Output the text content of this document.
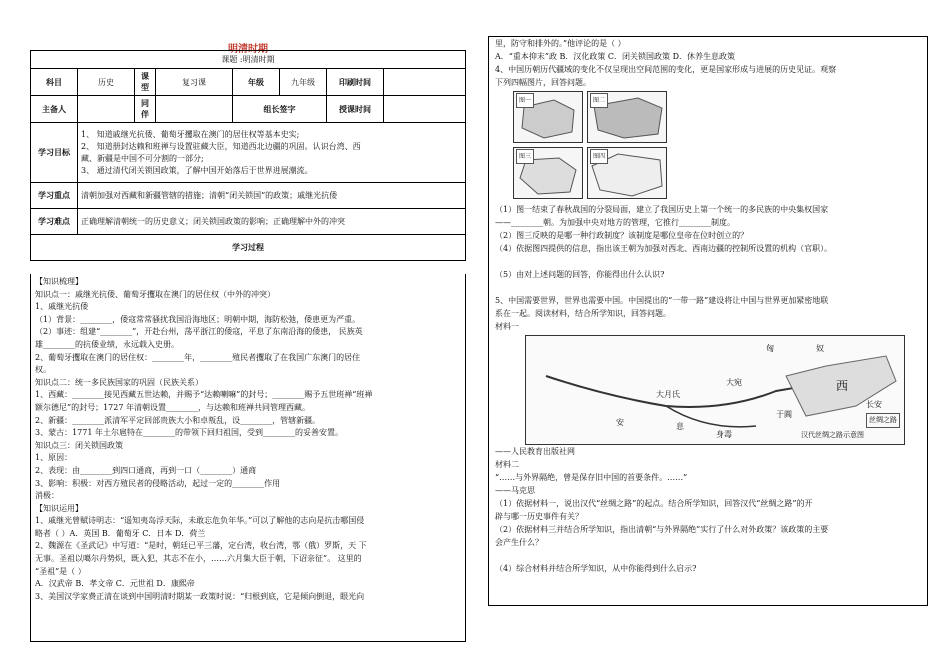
明清时期
课题 :明清时期							
科目	历史	课型	复习课	年级	九年级	印刷时间	
主备人		同伴		组长签字		授课时间	
学习目标	1、 知道戚继光抗倭、葡萄牙攫取在澳门的居住权等基本史实;
2、 知道册封达赖和班禅与设置驻藏大臣，知道西北边疆的巩固。认识台湾、西
藏、新疆是中国不可分割的一部分;
3、 通过清代闭关锁国政策，了解中国开始落后于世界进展潮流。						

学习重点	清朝加强对西藏和新疆管辖的措施；清朝“闭关锁国”的政策；戚继光抗倭						
学习难点	正确理解清朝统一的历史意义；闭关锁国政策的影响；正确理解中外的冲突						
学习过程							
【知识梳理】
知识点一：戚继光抗倭、葡萄牙攫取在澳门的居住权（中外的冲突）
1、戚继光抗倭
（1）背景：________，倭寇常常骚扰我国沿海地区；明朝中期，海防松弛，倭患更为严重。
（2）事迹：组建“________”，开赴台州，荡平浙江的倭寇，平息了东南沿海的倭患， 民族英
雄________的抗倭业绩，永远载入史册。
2、葡萄牙攫取在澳门的居住权：________年，________殖民者攫取了在我国广东澳门的居住
权。
知识点二：统一多民族国家的巩固（民族关系）
1、西藏：________接见西藏五世达赖，并赐予“达赖喇嘛”的封号；________赐予五世班禅“班禅
额尔德尼”的封号；1727 年清朝设置________，与达赖和班禅共同管理西藏。
2、新疆：________派清军平定回部贵族大小和卓叛乱，设________，管辖新疆。
3、蒙古：1771 年土尔扈特在________的带领下回归祖国，受到________的妥善安置。
知识点三：闭关锁国政策
1、原因：
2、表现：由________到四口通商，再到一口（________）通商
3、影响：积极：对西方殖民者的侵略活动，起过一定的________作用
消极：
【知识运用】
1、戚继光曾赋诗明志：“遥知夷岛浮天际，未敢忘危负年华。”可以了解他的志向是抗击哪国侵
略者（ ）A．英国 B．葡萄牙 C．日本 D．荷兰
2、魏源在《圣武记》中写道：“是时，朝廷已平三藩，定台湾，收台湾，鄂（俄）罗斯，天 下
无事。圣祖以噶尔丹势炽，既入犯，其志不在小，……六月集大臣于朝，下诏亲征”。 这里的
“圣祖”是（ ）
A．汉武帝 B．孝文帝 C．元世祖 D．康熙帝
3、美国汉学家费正清在谈到中国明清时期某一政策时说：“归根到底，它是倾向倒退，眼光向
里，防守和排外的。”他评论的是（ ）
A．“重本抑末”政 B．汉化政策 C．闭关锁国政策 D．休养生息政策
4、中国历朝历代疆域的变化不仅呈现出空间范围的变化，更是国家形成与进展的历史见证。观察
下列四幅图片，回答问题。
图一	图二
图三	图四
（1）图一结束了春秋战国的分裂局面，建立了我国历史上第一个统一的多民族的中央集权国家
——________朝。为加强中央对地方的管理，它推行________制度。
（2）图三反映的是哪一种行政制度？该制度是哪位皇帝在位时创立的？
（4）依据图四提供的信息，指出该王朝为加强对西北、西南边疆的控制所设置的机构（官职）。

（5）由对上述问题的回答，你能得出什么认识?

5、中国需要世界，世界也需要中国。中国提出的“一带一路”建设将让中国与世界更加紧密地联
系在一起。阅读材料，结合所学知识，回答问题。
材料一
匈	奴
西
安	息
长安
大宛
大月氏
于阗
身毒
丝绸之路
汉代丝绸之路示意图
——人民教育出版社网
材料二
“……与外界隔绝，曾是保存旧中国的首要条件。……”
——马克思
（1）依据材料一，说出汉代“丝绸之路”的起点。结合所学知识，回答汉代“丝绸之路”的开
辟与哪一历史事件有关？
（2）依据材料三并结合所学知识，指出清朝“与外界隔绝”实行了什么对外政策？该政策的主要
会产生什么？

（4）综合材料并结合所学知识，从中你能得到什么启示?
